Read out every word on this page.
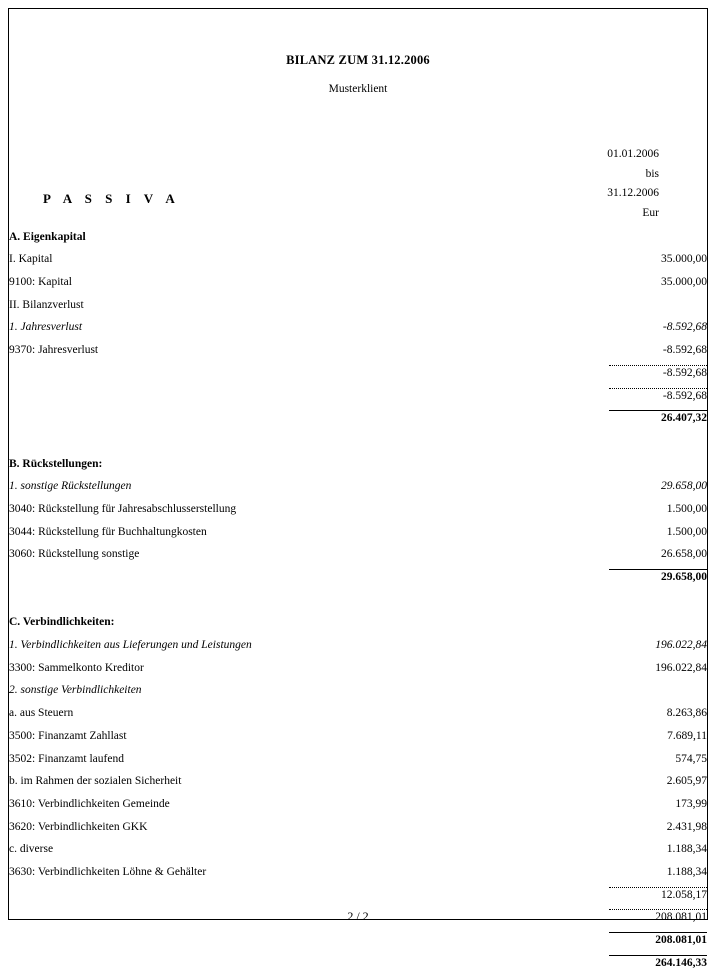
BILANZ ZUM 31.12.2006
Musterklient
01.01.2006
bis
31.12.2006
Eur
P A S S I V A
A. Eigenkapital	
I. Kapital	35.000,00
9100: Kapital	35.000,00
II. Bilanzverlust	
1. Jahresverlust	-8.592,68
9370: Jahresverlust	-8.592,68
	-8.592,68
	-8.592,68
	26.407,32

B. Rückstellungen:	
1. sonstige Rückstellungen	29.658,00
3040: Rückstellung für Jahresabschlusserstellung	1.500,00
3044: Rückstellung für Buchhaltungkosten	1.500,00
3060: Rückstellung sonstige	26.658,00
	29.658,00

C. Verbindlichkeiten:	
1. Verbindlichkeiten aus Lieferungen und Leistungen	196.022,84
3300: Sammelkonto Kreditor	196.022,84
2. sonstige Verbindlichkeiten	
a. aus Steuern	8.263,86
3500: Finanzamt Zahllast	7.689,11
3502: Finanzamt laufend	574,75
b. im Rahmen der sozialen Sicherheit	2.605,97
3610: Verbindlichkeiten Gemeinde	173,99
3620: Verbindlichkeiten GKK	2.431,98
c. diverse	1.188,34
3630: Verbindlichkeiten Löhne & Gehälter	1.188,34
	12.058,17
	208.081,01
	208.081,01
	264.146,33
2 / 2
